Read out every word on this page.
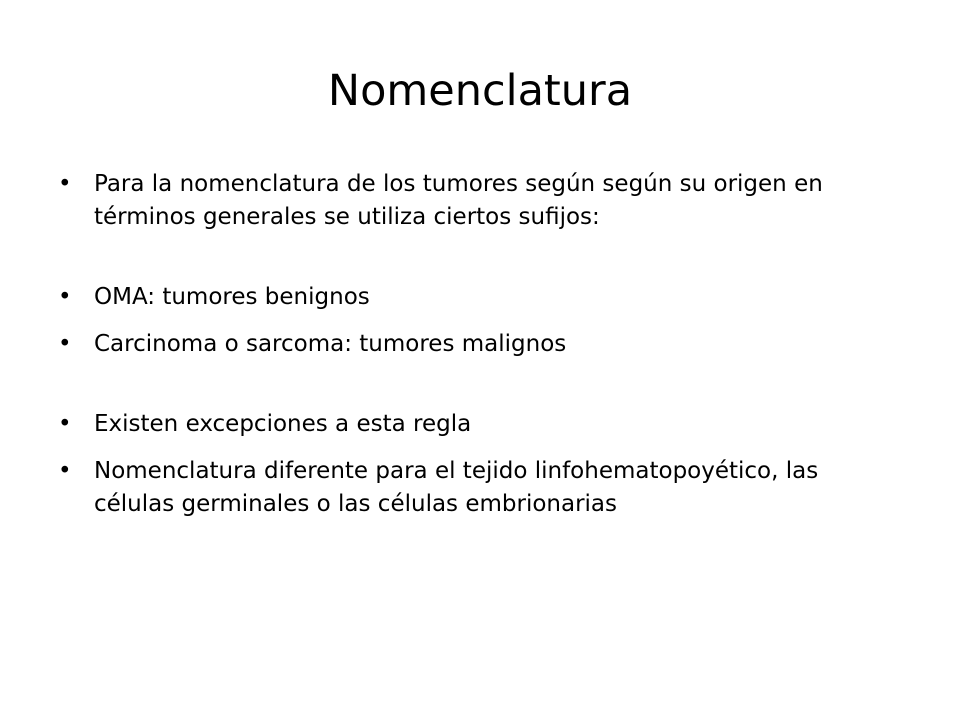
Nomenclatura
• Para la nomenclatura de los tumores según según su origen en términos generales se utiliza ciertos sufijos:
• OMA: tumores benignos
• Carcinoma o sarcoma: tumores malignos
• Existen excepciones a esta regla
• Nomenclatura diferente para el tejido linfohematopoyético, las células germinales o las células embrionarias
